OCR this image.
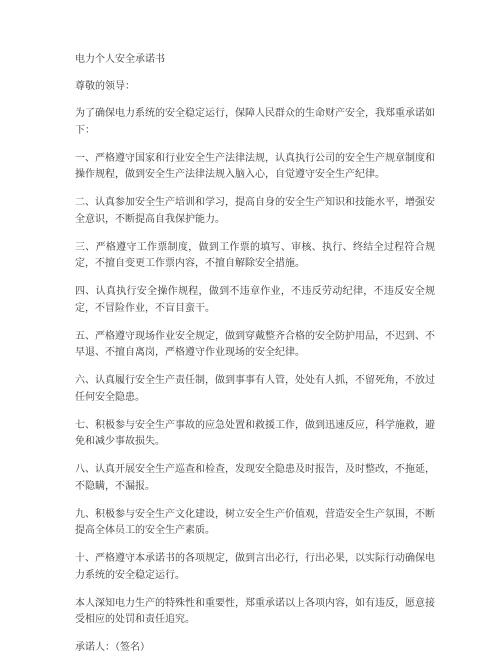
电力个人安全承诺书
尊敬的领导：
为了确保电力系统的安全稳定运行，保障人民群众的生命财产安全，我郑重承诺如下：
一、严格遵守国家和行业安全生产法律法规，认真执行公司的安全生产规章制度和操作规程，做到安全生产法律法规入脑入心，自觉遵守安全生产纪律。
二、认真参加安全生产培训和学习，提高自身的安全生产知识和技能水平，增强安全意识，不断提高自我保护能力。
三、严格遵守工作票制度，做到工作票的填写、审核、执行、终结全过程符合规定，不擅自变更工作票内容，不擅自解除安全措施。
四、认真执行安全操作规程，做到不违章作业，不违反劳动纪律，不违反安全规定，不冒险作业，不盲目蛮干。
五、严格遵守现场作业安全规定，做到穿戴整齐合格的安全防护用品，不迟到、不早退、不擅自离岗，严格遵守作业现场的安全纪律。
六、认真履行安全生产责任制，做到事事有人管，处处有人抓，不留死角，不放过任何安全隐患。
七、积极参与安全生产事故的应急处置和救援工作，做到迅速反应，科学施救，避免和减少事故损失。
八、认真开展安全生产巡查和检查，发现安全隐患及时报告，及时整改，不拖延，不隐瞒，不漏报。
九、积极参与安全生产文化建设，树立安全生产价值观，营造安全生产氛围，不断提高全体员工的安全生产素质。
十、严格遵守本承诺书的各项规定，做到言出必行，行出必果，以实际行动确保电力系统的安全稳定运行。
本人深知电力生产的特殊性和重要性，郑重承诺以上各项内容，如有违反，愿意接受相应的处罚和责任追究。
承诺人：（签名）
